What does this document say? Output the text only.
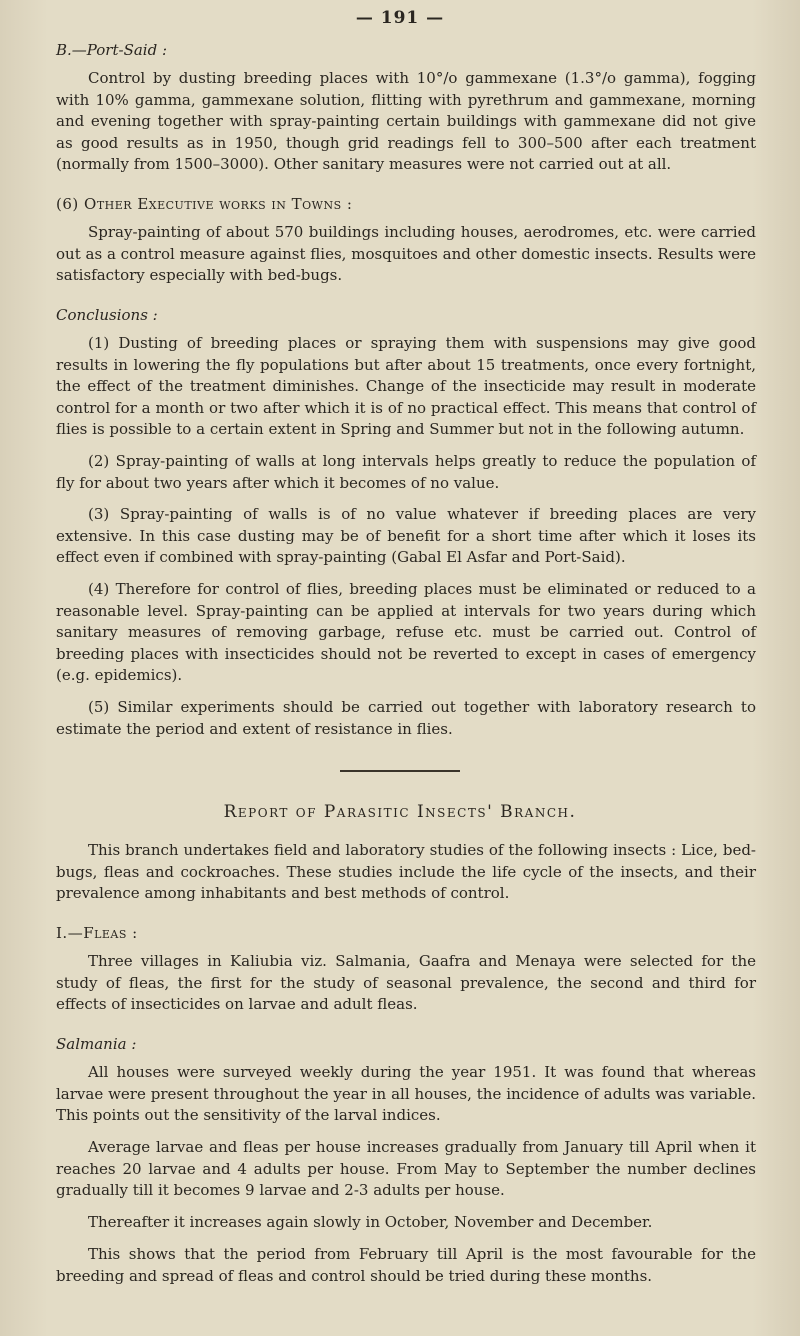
— 191 —

B.—Port-Said :

Control by dusting breeding places with 10°/o gammexane (1.3°/o gamma), fogging with 10% gamma, gammexane solution, flitting with pyrethrum and gammexane, morning and evening together with spray-painting certain buildings with gammexane did not give as good results as in 1950, though grid readings fell to 300–500 after each treatment (normally from 1500–3000). Other sanitary measures were not carried out at all.

(6) Other Executive works in Towns :

Spray-painting of about 570 buildings including houses, aerodromes, etc. were carried out as a control measure against flies, mosquitoes and other domestic insects. Results were satisfactory especially with bed-bugs.

Conclusions :

(1) Dusting of breeding places or spraying them with suspensions may give good results in lowering the fly populations but after about 15 treatments, once every fortnight, the effect of the treatment diminishes. Change of the insecticide may result in moderate control for a month or two after which it is of no practical effect. This means that control of flies is possible to a certain extent in Spring and Summer but not in the following autumn.

(2) Spray-painting of walls at long intervals helps greatly to reduce the population of fly for about two years after which it becomes of no value.

(3) Spray-painting of walls is of no value whatever if breeding places are very extensive. In this case dusting may be of benefit for a short time after which it loses its effect even if combined with spray-painting (Gabal El Asfar and Port-Said).

(4) Therefore for control of flies, breeding places must be eliminated or reduced to a reasonable level. Spray-painting can be applied at intervals for two years during which sanitary measures of removing garbage, refuse etc. must be carried out. Control of breeding places with insecticides should not be reverted to except in cases of emergency (e.g. epidemics).

(5) Similar experiments should be carried out together with laboratory research to estimate the period and extent of resistance in flies.

Report of Parasitic Insects' Branch.

This branch undertakes field and laboratory studies of the following insects : Lice, bed-bugs, fleas and cockroaches. These studies include the life cycle of the insects, and their prevalence among inhabitants and best methods of control.

I.—Fleas :

Three villages in Kaliubia viz. Salmania, Gaafra and Menaya were selected for the study of fleas, the first for the study of seasonal prevalence, the second and third for effects of insecticides on larvae and adult fleas.

Salmania :

All houses were surveyed weekly during the year 1951. It was found that whereas larvae were present throughout the year in all houses, the incidence of adults was variable. This points out the sensitivity of the larval indices.

Average larvae and fleas per house increases gradually from January till April when it reaches 20 larvae and 4 adults per house. From May to September the number declines gradually till it becomes 9 larvae and 2-3 adults per house.

Thereafter it increases again slowly in October, November and December.

This shows that the period from February till April is the most favourable for the breeding and spread of fleas and control should be tried during these months.
